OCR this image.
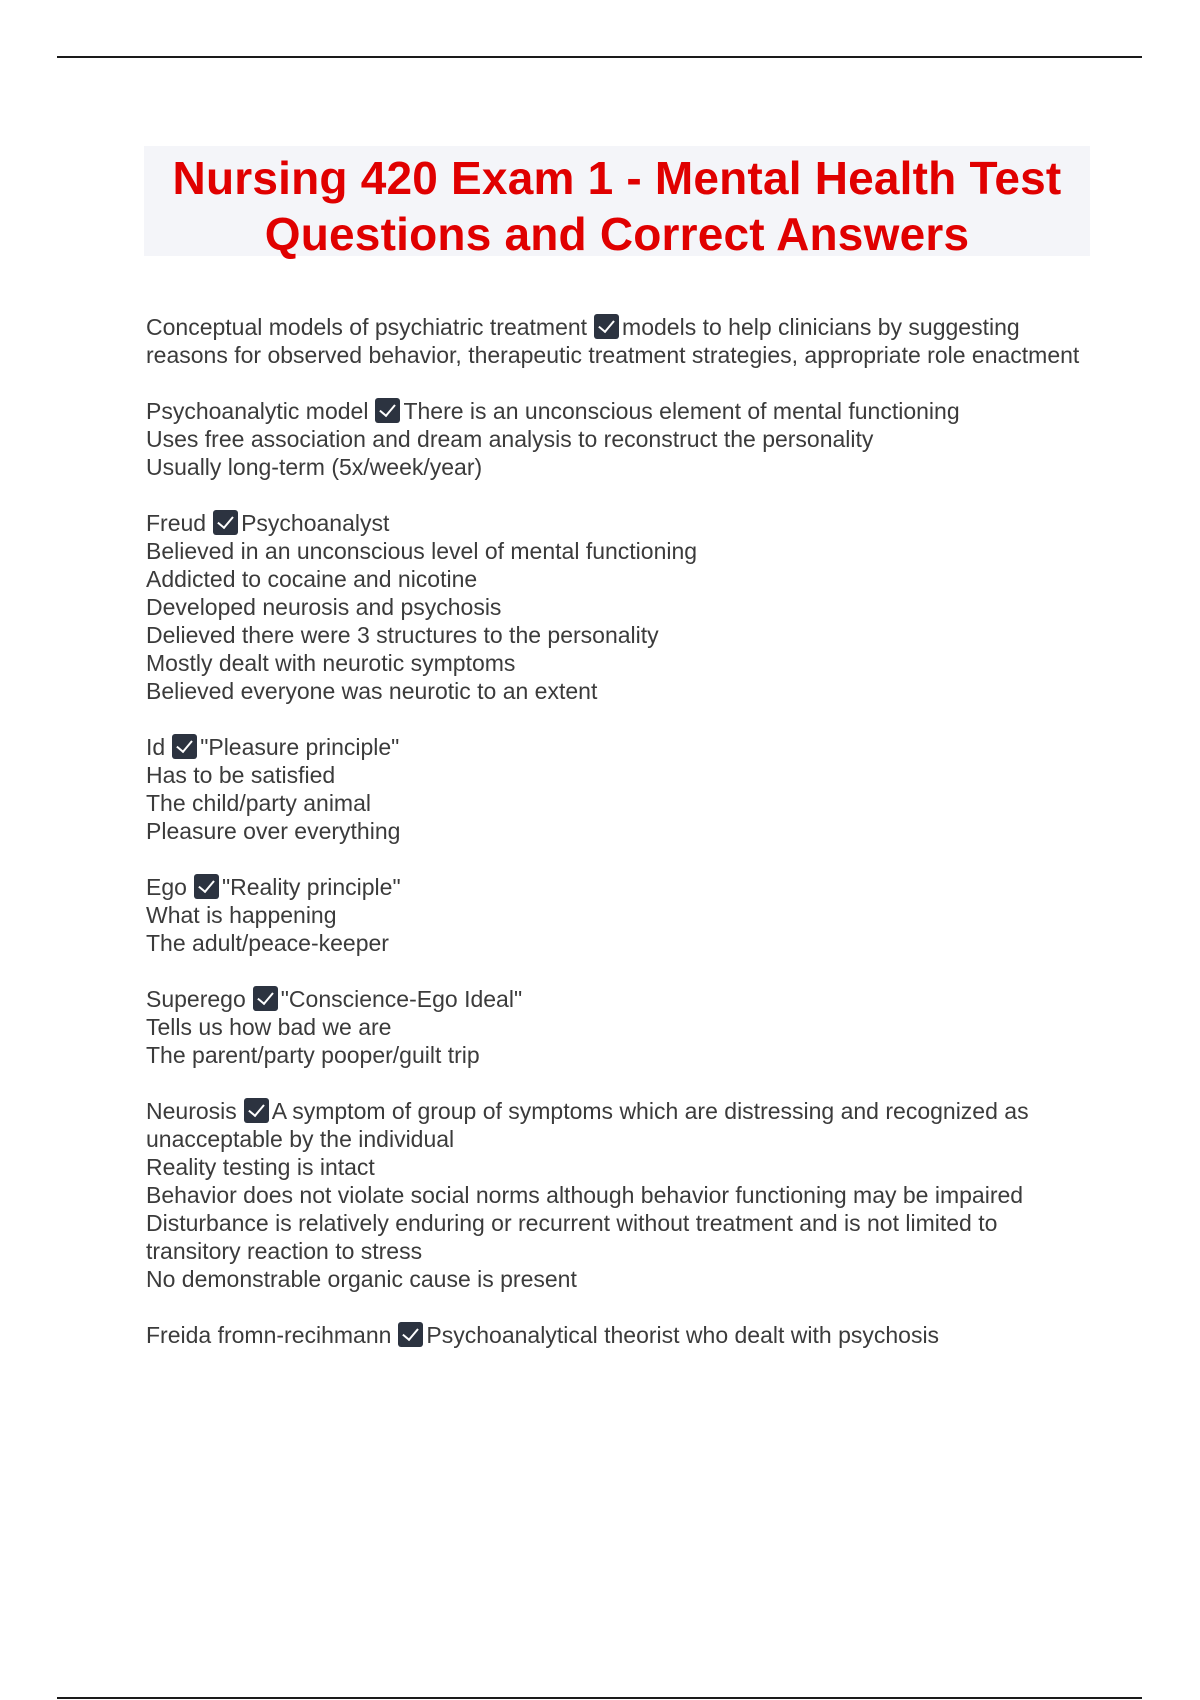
Nursing 420 Exam 1 - Mental Health Test
Questions and Correct Answers

Conceptual models of psychiatric treatment models to help clinicians by suggesting reasons for observed behavior, therapeutic treatment strategies, appropriate role enactment

Psychoanalytic model There is an unconscious element of mental functioning
Uses free association and dream analysis to reconstruct the personality
Usually long-term (5x/week/year)

Freud Psychoanalyst
Believed in an unconscious level of mental functioning
Addicted to cocaine and nicotine
Developed neurosis and psychosis
Delieved there were 3 structures to the personality
Mostly dealt with neurotic symptoms
Believed everyone was neurotic to an extent

Id "Pleasure principle"
Has to be satisfied
The child/party animal
Pleasure over everything

Ego "Reality principle"
What is happening
The adult/peace-keeper

Superego "Conscience-Ego Ideal"
Tells us how bad we are
The parent/party pooper/guilt trip

Neurosis A symptom of group of symptoms which are distressing and recognized as unacceptable by the individual
Reality testing is intact
Behavior does not violate social norms although behavior functioning may be impaired
Disturbance is relatively enduring or recurrent without treatment and is not limited to transitory reaction to stress
No demonstrable organic cause is present

Freida fromn-recihmann Psychoanalytical theorist who dealt with psychosis
